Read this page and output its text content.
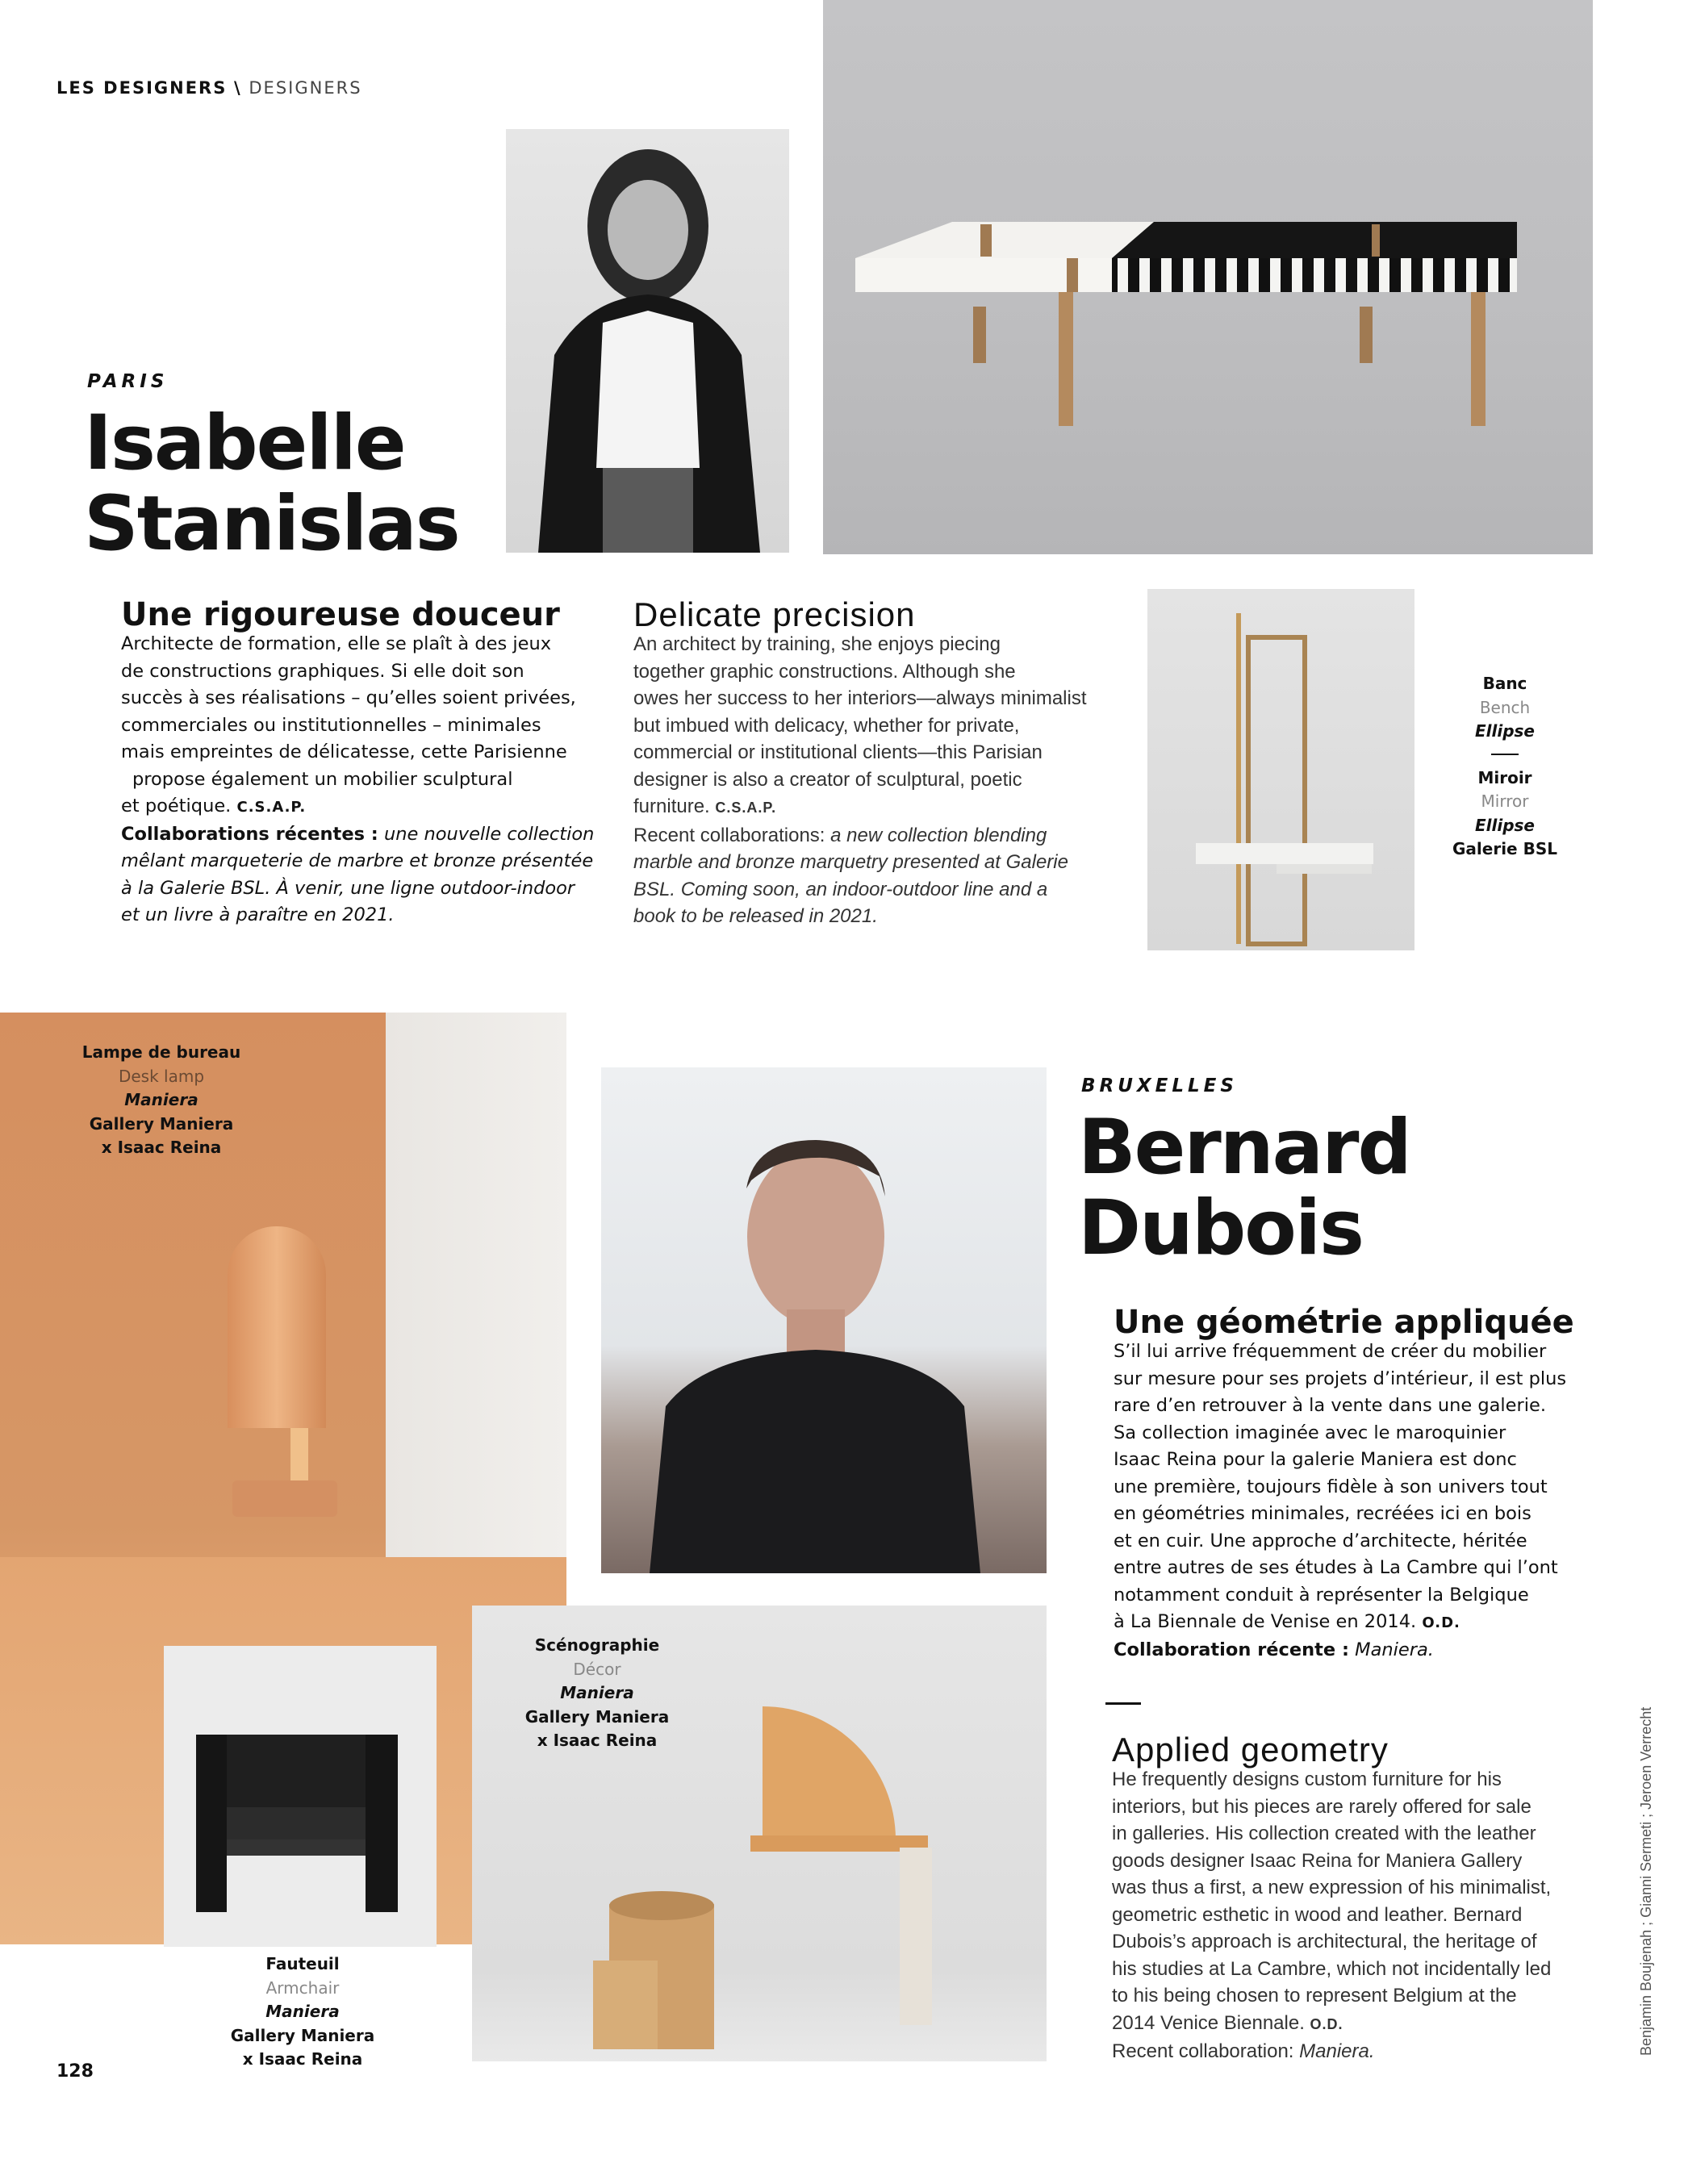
LES DESIGNERS \ DESIGNERS
PARIS
Isabelle
Stanislas
Une rigoureuse douceur
Architecte de formation, elle se plaît à des jeux
de constructions graphiques. Si elle doit son
succès à ses réalisations – qu’elles soient privées,
commerciales ou institutionnelles – minimales
mais empreintes de délicatesse, cette Parisienne
propose également un mobilier sculptural
et poétique. C.S.A.P.
Collaborations récentes : une nouvelle collection
mêlant marqueterie de marbre et bronze présentée
à la Galerie BSL. À venir, une ligne outdoor-indoor
et un livre à paraître en 2021.
Delicate precision
An architect by training, she enjoys piecing
together graphic constructions. Although she
owes her success to her interiors—always minimalist
but imbued with delicacy, whether for private,
commercial or institutional clients—this Parisian
designer is also a creator of sculptural, poetic
furniture. C.S.A.P.
Recent collaborations: a new collection blending
marble and bronze marquetry presented at Galerie
BSL. Coming soon, an indoor-outdoor line and a
book to be released in 2021.
Banc
Bench
Ellipse
Miroir
Mirror
Ellipse
Galerie BSL
Lampe de bureau
Desk lamp
Maniera
Gallery Maniera
x Isaac Reina
Fauteuil
Armchair
Maniera
Gallery Maniera
x Isaac Reina
BRUXELLES
Bernard
Dubois
Une géométrie appliquée
S’il lui arrive fréquemment de créer du mobilier
sur mesure pour ses projets d’intérieur, il est plus
rare d’en retrouver à la vente dans une galerie.
Sa collection imaginée avec le maroquinier
Isaac Reina pour la galerie Maniera est donc
une première, toujours fidèle à son univers tout
en géométries minimales, recréées ici en bois
et en cuir. Une approche d’architecte, héritée
entre autres de ses études à La Cambre qui l’ont
notamment conduit à représenter la Belgique
à La Biennale de Venise en 2014. O.D.
Collaboration récente : Maniera.
Applied geometry
He frequently designs custom furniture for his
interiors, but his pieces are rarely offered for sale
in galleries. His collection created with the leather
goods designer Isaac Reina for Maniera Gallery
was thus a first, a new expression of his minimalist,
geometric esthetic in wood and leather. Bernard
Dubois’s approach is architectural, the heritage of
his studies at La Cambre, which not incidentally led
to his being chosen to represent Belgium at the
2014 Venice Biennale. O.D.
Recent collaboration: Maniera.
Scénographie
Décor
Maniera
Gallery Maniera
x Isaac Reina	Benjamin Boujenah ; Gianni Sermeti ; Jeroen Verrecht
128
